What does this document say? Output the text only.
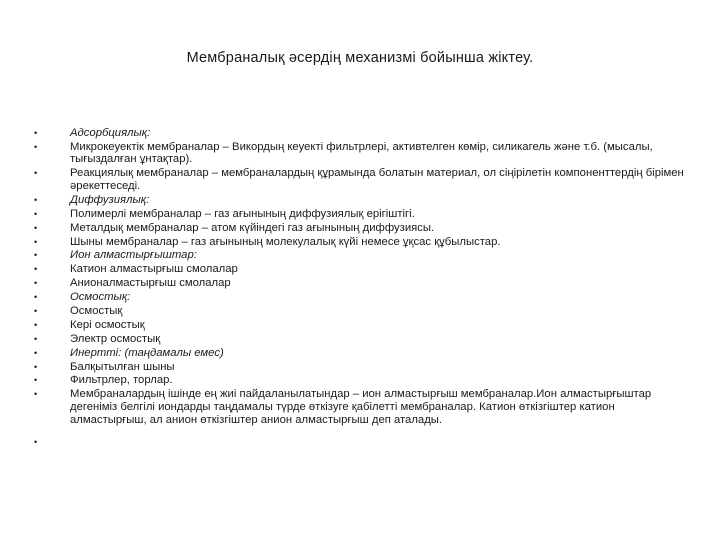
Мембраналық әсердің механизмі бойынша жіктеу.
•	Адсорбциялық:
•	Микрокеуектік мембраналар – Викордың кеуекті фильтрлері, активтелген көмір, силикагель және т.б. (мысалы, тығыздалған ұнтақтар).
•	Реакциялық мембраналар – мембраналардың құрамында болатын материал, ол сіңірілетін компоненттердің бірімен әрекеттеседі.
•	Диффузиялық:
•	Полимерлі мембраналар – газ ағынының диффузиялық ерігіштігі.
•	Металдық мембраналар – атом күйіндегі газ ағынының диффузиясы.
•	Шыны мембраналар – газ ағынының молекулалық күйі немесе ұқсас құбылыстар.
•	Ион алмастырғыштар:
•	Катион алмастырғыш смолалар
•	Анионалмастырғыш смолалар
•	Осмостық:
•	Осмостық
•	Кері осмостық
•	Электр осмостық
•	Инертті: (таңдамалы емес)
•	Балқытылған шыны
•	Фильтрлер, торлар.
•	Мембраналардың ішінде ең жиі пайдаланылатындар – ион алмастырғыш мембраналар.Ион алмастырғыштар дегеніміз белгілі иондарды таңдамалы түрде өткізуге қабілетті мембраналар. Катион өткізгіштер катион алмастырғыш, ал анион өткізгіштер анион алмастырғыш деп аталады.
•
